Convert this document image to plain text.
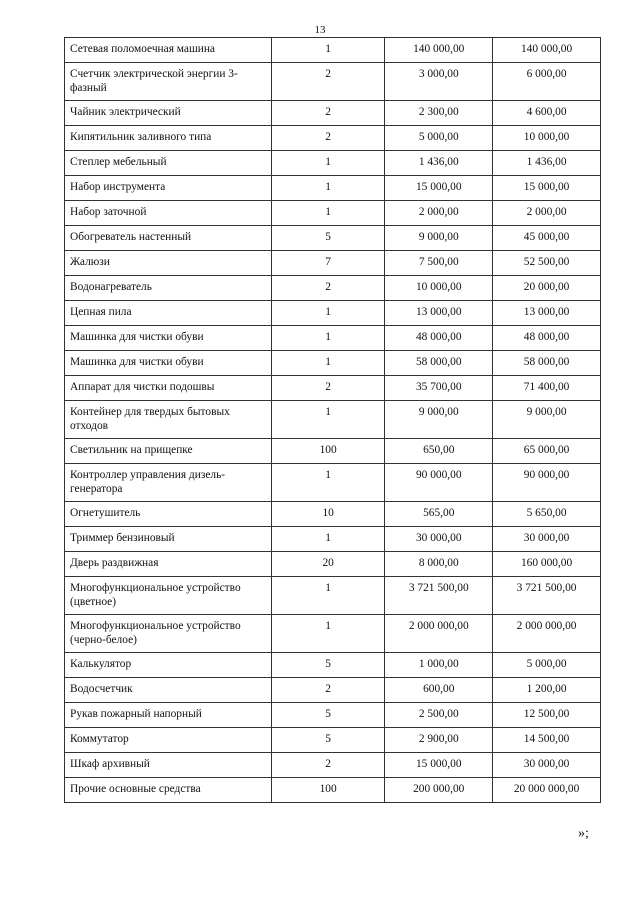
13
Сетевая поломоечная машина	1	140 000,00	140 000,00
Счетчик электрической энергии 3-фазный	2	3 000,00	6 000,00
Чайник электрический	2	2 300,00	4 600,00
Кипятильник заливного типа	2	5 000,00	10 000,00
Степлер мебельный	1	1 436,00	1 436,00
Набор инструмента	1	15 000,00	15 000,00
Набор заточной	1	2 000,00	2 000,00
Обогреватель настенный	5	9 000,00	45 000,00
Жалюзи	7	7 500,00	52 500,00
Водонагреватель	2	10 000,00	20 000,00
Цепная пила	1	13 000,00	13 000,00
Машинка для чистки обуви	1	48 000,00	48 000,00
Машинка для чистки обуви	1	58 000,00	58 000,00
Аппарат для чистки подошвы	2	35 700,00	71 400,00
Контейнер для твердых бытовых отходов	1	9 000,00	9 000,00
Светильник на прищепке	100	650,00	65 000,00
Контроллер управления дизель-генератора	1	90 000,00	90 000,00
Огнетушитель	10	565,00	5 650,00
Триммер бензиновый	1	30 000,00	30 000,00
Дверь раздвижная	20	8 000,00	160 000,00
Многофункциональное устройство (цветное)	1	3 721 500,00	3 721 500,00
Многофункциональное устройство (черно-белое)	1	2 000 000,00	2 000 000,00
Калькулятор	5	1 000,00	5 000,00
Водосчетчик	2	600,00	1 200,00
Рукав пожарный напорный	5	2 500,00	12 500,00
Коммутатор	5	2 900,00	14 500,00
Шкаф архивный	2	15 000,00	30 000,00
Прочие основные средства	100	200 000,00	20 000 000,00
»;
